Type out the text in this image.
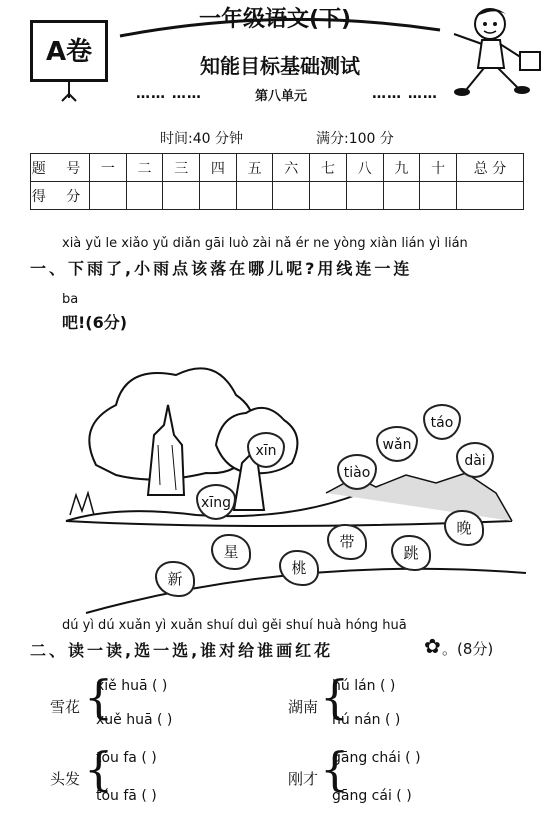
A卷
一年级语文(下)
知能目标基础测试
…… ……	第八单元	…… ……
时间:40 分钟	满分:100 分
题 号	一	二	三	四	五	六	七	八	九	十	总 分
得 分											
xià yǔ le xiǎo yǔ diǎn gāi luò zài nǎ ér ne yòng xiàn lián yì lián
一、下雨了,小雨点该落在哪儿呢?用线连一连
ba
吧!(6分)
táo
wǎn
dài
xīn
tiào
xīng
星
带
晚
桃
跳
新
dú yì dú xuǎn yì xuǎn shuí duì gěi shuí huà hóng huā
二、读一读,选一选,谁对给谁画红花	✿ 。(8分)
雪花 {
xiě huā ( )
xuě huā ( )
湖南 {
hú lán ( )
hú nán ( )
头发 {
tóu fa ( )
tóu fā ( )
刚才 {
gāng chái ( )
gāng cái ( )
